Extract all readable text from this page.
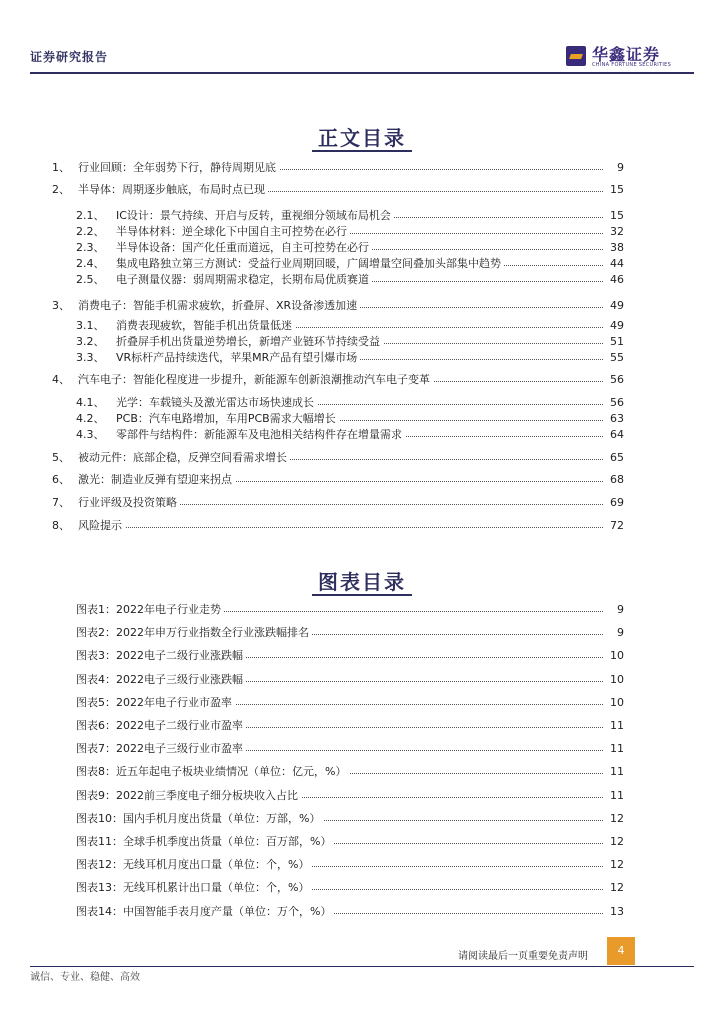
证券研究报告	华鑫证券
CHINA FORTUNE SECURITIES
正文目录
1、 行业回顾：全年弱势下行，静待周期见底	9
2、 半导体：周期逐步触底，布局时点已现	15
2.1、 IC设计：景气持续、开启与反转，重视细分领域布局机会	15
2.2、 半导体材料：逆全球化下中国自主可控势在必行	32
2.3、 半导体设备：国产化任重而道远，自主可控势在必行	38
2.4、 集成电路独立第三方测试：受益行业周期回暖，广阔增量空间叠加头部集中趋势	44
2.5、 电子测量仪器：弱周期需求稳定，长期布局优质赛道	46
3、 消费电子：智能手机需求疲软，折叠屏、XR设备渗透加速	49
3.1、 消费表现疲软，智能手机出货量低迷	49
3.2、 折叠屏手机出货量逆势增长，新增产业链环节持续受益	51
3.3、 VR标杆产品持续迭代，苹果MR产品有望引爆市场	55
4、 汽车电子：智能化程度进一步提升，新能源车创新浪潮推动汽车电子变革	56
4.1、 光学：车载镜头及激光雷达市场快速成长	56
4.2、 PCB：汽车电路增加，车用PCB需求大幅增长	63
4.3、 零部件与结构件：新能源车及电池相关结构件存在增量需求	64
5、 被动元件：底部企稳，反弹空间看需求增长	65
6、 激光：制造业反弹有望迎来拐点	68
7、 行业评级及投资策略	69
8、 风险提示	72
图表目录
图表1：2022年电子行业走势	9
图表2：2022年申万行业指数全行业涨跌幅排名	9
图表3：2022电子二级行业涨跌幅	10
图表4：2022电子三级行业涨跌幅	10
图表5：2022年电子行业市盈率	10
图表6：2022电子二级行业市盈率	11
图表7：2022电子三级行业市盈率	11
图表8：近五年起电子板块业绩情况（单位：亿元，%）	11
图表9：2022前三季度电子细分板块收入占比	11
图表10：国内手机月度出货量（单位：万部，%）	12
图表11：全球手机季度出货量（单位：百万部，%）	12
图表12：无线耳机月度出口量（单位：个，%）	12
图表13：无线耳机累计出口量（单位：个，%）	12
图表14：中国智能手表月度产量（单位：万个，%）	13
请阅读最后一页重要免责声明	4
诚信、专业、稳健、高效
